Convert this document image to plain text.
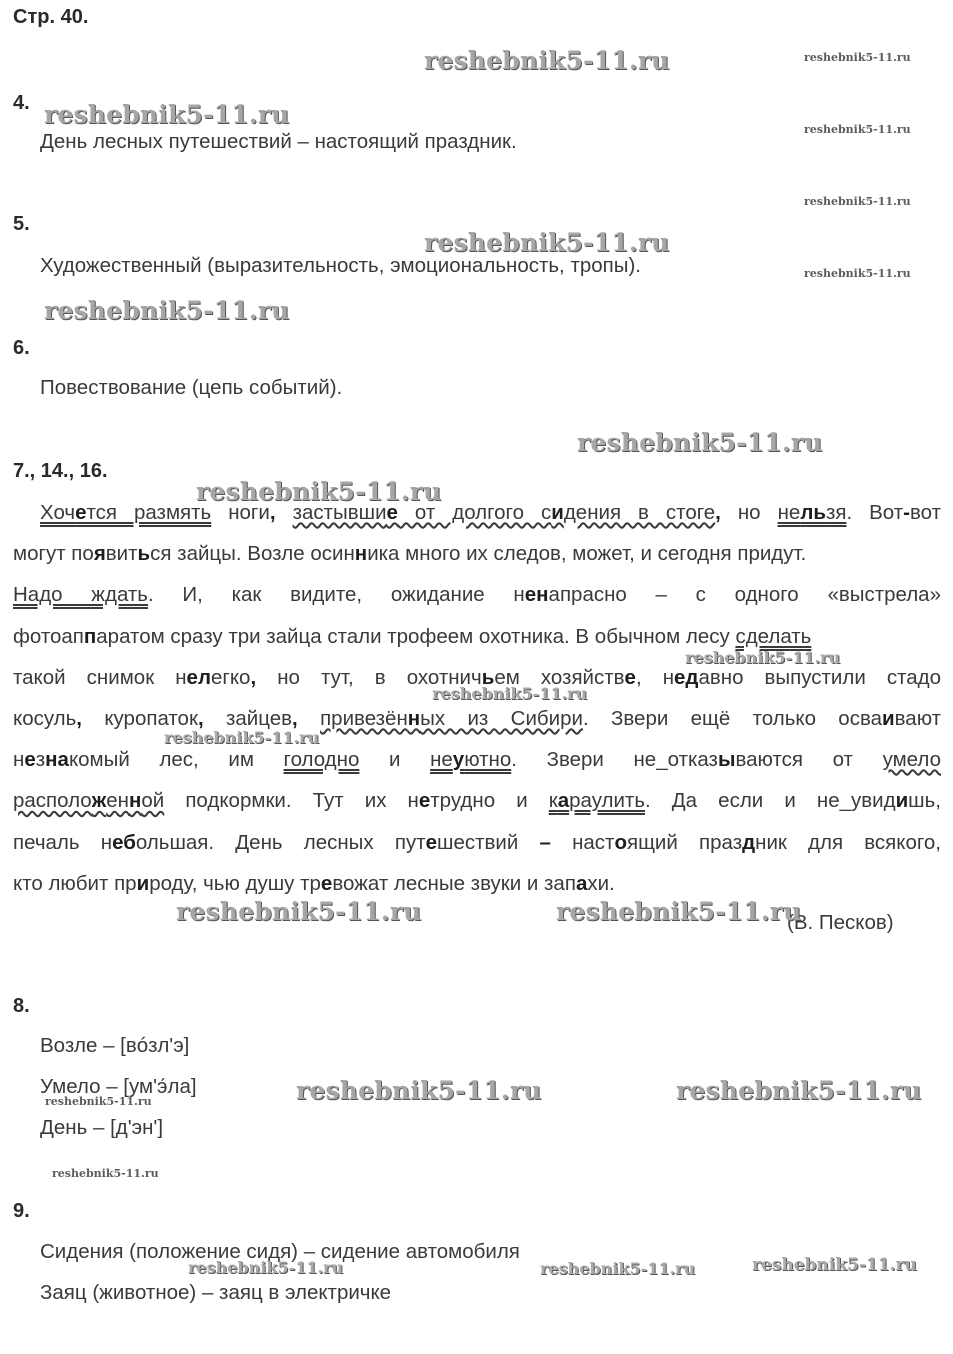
Стр. 40.
4.
День лесных путешествий – настоящий праздник.
5.
Художественный (выразительность, эмоциональность, тропы).
6.
Повествование (цепь событий).
7., 14., 16.
Хочется размять ноги, застывшие от долгого сидения в стоге, но нельзя. Вот-вот
могут появиться зайцы. Возле осинника много их следов, может, и сегодня придут.
Надо ждать. И, как видите, ожидание ненапрасно – с одного «выстрела»
фотоаппаратом сразу три зайца стали трофеем охотника. В обычном лесу сделать
такой снимок нелегко, но тут, в охотничьем хозяйстве, недавно выпустили стадо
косуль, куропаток, зайцев, привезённых из Сибири. Звери ещё только осваивают
незнакомый лес, им голодно и неуютно. Звери не_отказываются от умело
расположенной подкормки. Тут их нетрудно и караулить. Да если и не_увидишь,
печаль небольшая. День лесных путешествий – настоящий праздник для всякого,
кто любит природу, чью душу тревожат лесные звуки и запахи.
(В. Песков)
8.
Возле – [вóзл'э]
Умело – [ум'э́ла]
День – [д'эн']
9.
Сидения (положение сидя) – сидение автомобиля
Заяц (животное) – заяц в электричке
reshebnik5-11.ru
reshebnik5-11.ru
reshebnik5-11.ru
reshebnik5-11.ru
reshebnik5-11.ru
reshebnik5-11.ru
reshebnik5-11.ru	reshebnik5-11.ru
reshebnik5-11.ru	reshebnik5-11.ru
reshebnik5-11.ru
reshebnik5-11.ru
reshebnik5-11.ru
reshebnik5-11.ru	reshebnik5-11.ru	reshebnik5-11.ru
reshebnik5-11.ru
reshebnik5-11.ru
reshebnik5-11.ru
reshebnik5-11.ru
reshebnik5-11.ru
reshebnik5-11.ru
